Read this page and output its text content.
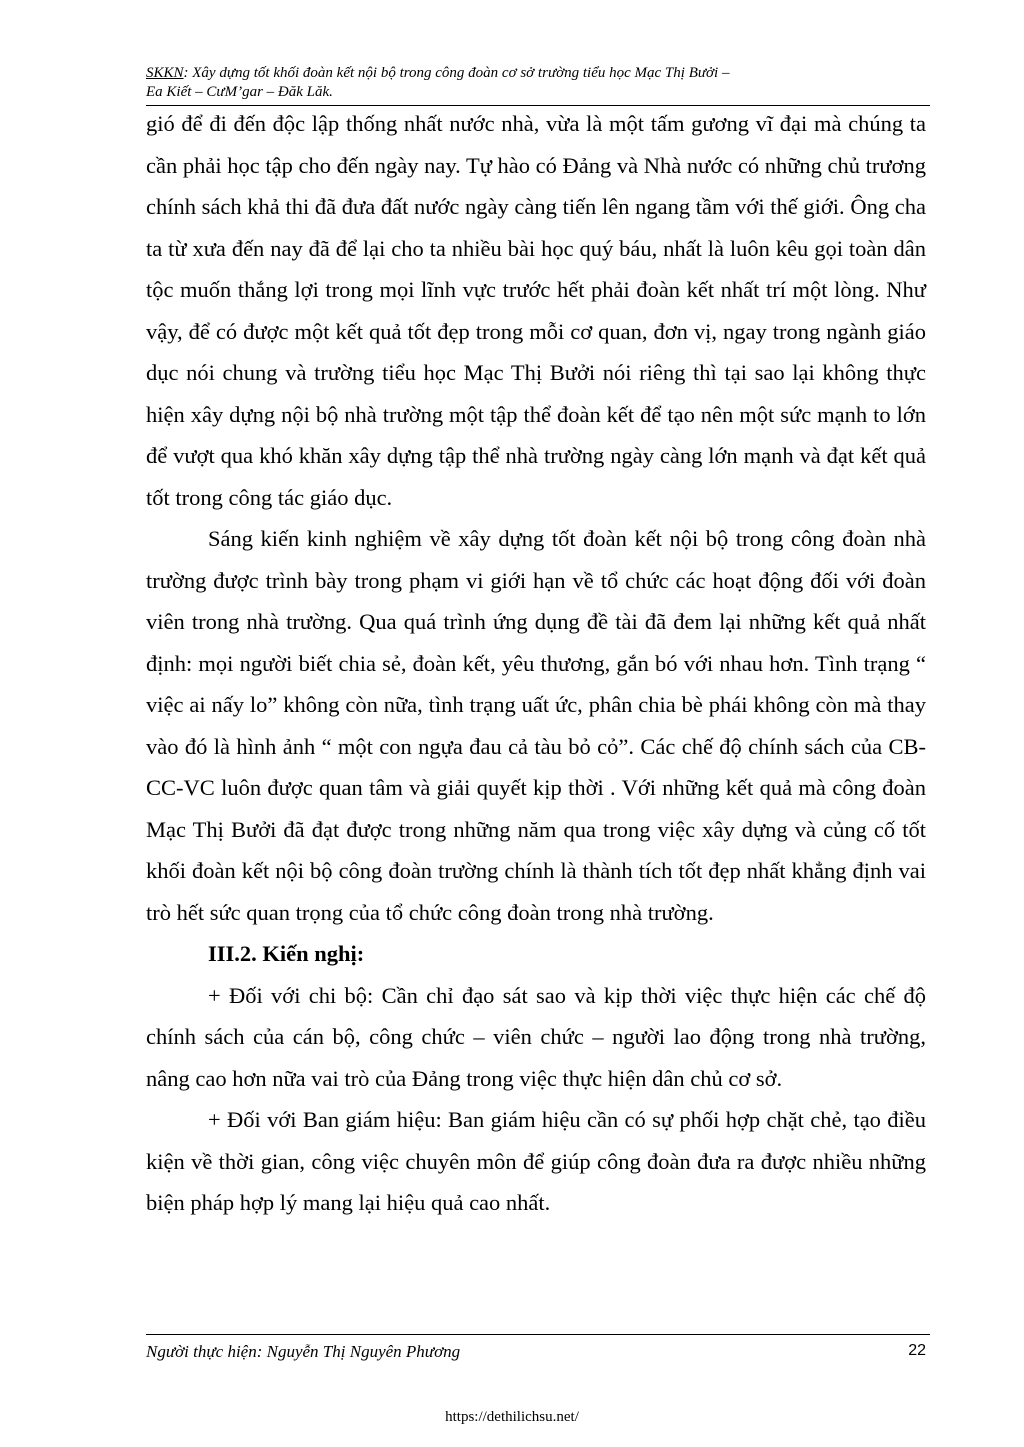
SKKN: Xây dựng tốt khối đoàn kết nội bộ trong công đoàn cơ sở trường tiểu học Mạc Thị Bưởi –
Ea Kiết – CưM’gar – Đăk Lăk.

gió để đi đến độc lập thống nhất nước nhà, vừa là một tấm gương vĩ đại mà chúng ta cần phải học tập cho đến ngày nay. Tự hào có Đảng và Nhà nước có những chủ trương chính sách khả thi đã đưa đất nước ngày càng tiến lên ngang tầm với thế giới. Ông cha ta từ xưa đến nay đã để lại cho ta nhiều bài học quý báu, nhất là luôn kêu gọi toàn dân tộc muốn thắng lợi trong mọi lĩnh vực trước hết phải đoàn kết nhất trí một lòng. Như vậy, để có được một kết quả tốt đẹp trong mỗi cơ quan, đơn vị, ngay trong ngành giáo dục nói chung và trường tiểu học Mạc Thị Bưởi nói riêng thì tại sao lại không thực hiện xây dựng nội bộ nhà trường một tập thể đoàn kết để tạo nên một sức mạnh to lớn để vượt qua khó khăn xây dựng tập thể nhà trường ngày càng lớn mạnh và đạt kết quả tốt trong công tác giáo dục.

Sáng kiến kinh nghiệm về xây dựng tốt đoàn kết nội bộ trong công đoàn nhà trường được trình bày trong phạm vi giới hạn về tổ chức các hoạt động đối với đoàn viên trong nhà trường. Qua quá trình ứng dụng đề tài đã đem lại những kết quả nhất định: mọi người biết chia sẻ, đoàn kết, yêu thương, gắn bó với nhau hơn. Tình trạng “ việc ai nấy lo” không còn nữa, tình trạng uất ức, phân chia bè phái không còn mà thay vào đó là hình ảnh “ một con ngựa đau cả tàu bỏ cỏ”. Các chế độ chính sách của CB-CC-VC luôn được quan tâm và giải quyết kịp thời . Với những kết quả mà công đoàn Mạc Thị Bưởi đã đạt được trong những năm qua trong việc xây dựng và củng cố tốt khối đoàn kết nội bộ công đoàn trường chính là thành tích tốt đẹp nhất khẳng định vai trò hết sức quan trọng của tổ chức công đoàn trong nhà trường.

III.2. Kiến nghị:

+ Đối với chi bộ: Cần chỉ đạo sát sao và kịp thời việc thực hiện các chế độ chính sách của cán bộ, công chức – viên chức – người lao động trong nhà trường, nâng cao hơn nữa vai trò của Đảng trong việc thực hiện dân chủ cơ sở.

+ Đối với Ban giám hiệu: Ban giám hiệu cần có sự phối hợp chặt chẻ, tạo điều kiện về thời gian, công việc chuyên môn để giúp công đoàn đưa ra được nhiều những biện pháp hợp lý mang lại hiệu quả cao nhất.

Người thực hiện: Nguyễn Thị Nguyên Phương	22
https://dethilichsu.net/
